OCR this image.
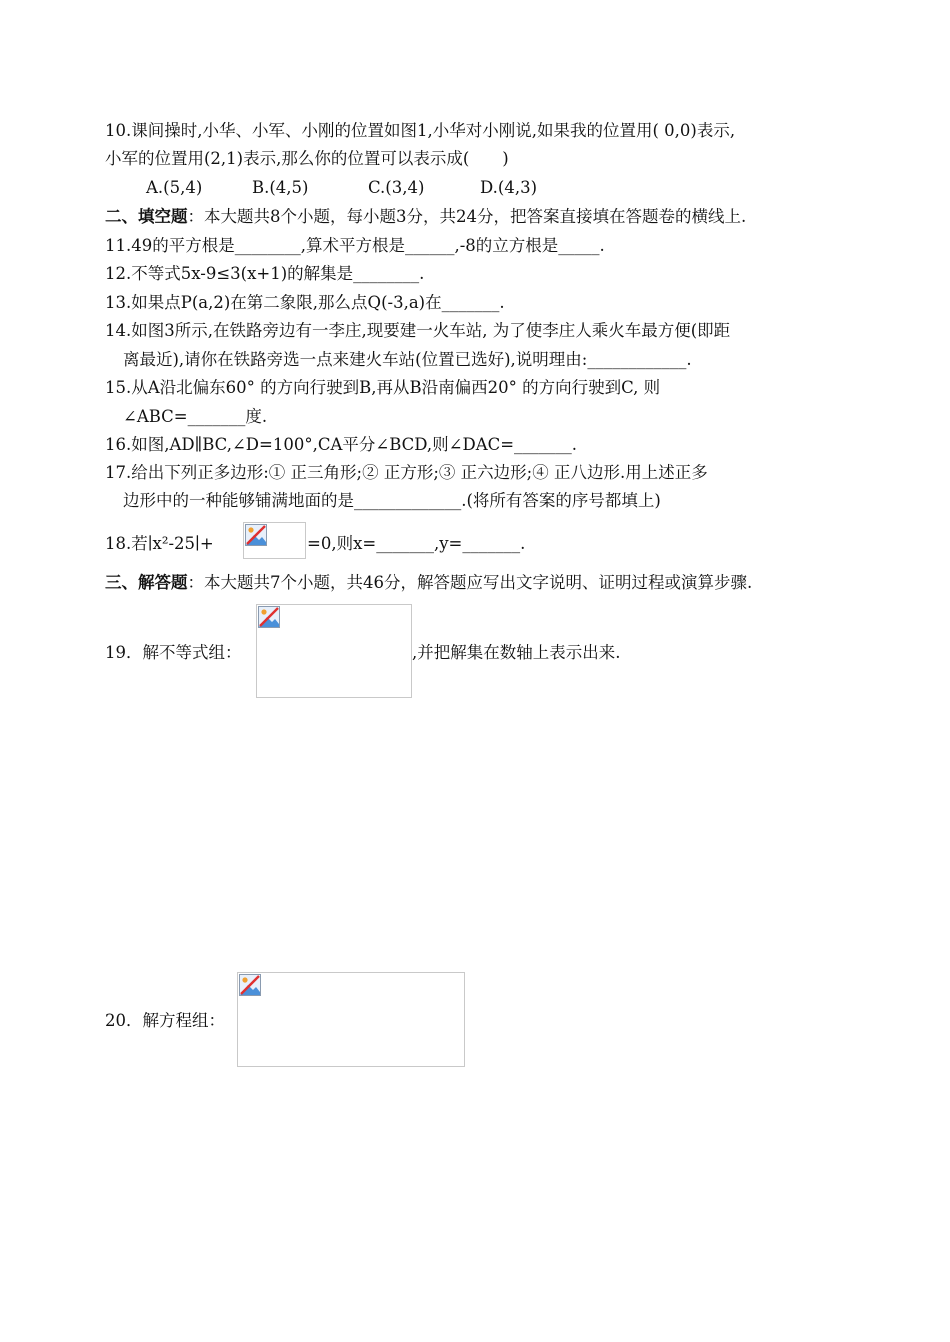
10.课间操时,小华、小军、小刚的位置如图1,小华对小刚说,如果我的位置用( 0,0)表示,
小军的位置用(2,1)表示,那么你的位置可以表示成(　　)
A.(5,4)	B.(4,5)	C.(3,4)	D.(4,3)
二、填空题：本大题共8个小题，每小题3分，共24分，把答案直接填在答题卷的横线上.
11.49的平方根是________,算术平方根是______,-8的立方根是_____.
12.不等式5x-9≤3(x+1)的解集是________.
13.如果点P(a,2)在第二象限,那么点Q(-3,a)在_______.
14.如图3所示,在铁路旁边有一李庄,现要建一火车站, 为了使李庄人乘火车最方便(即距
离最近),请你在铁路旁选一点来建火车站(位置已选好),说明理由:____________.
15.从A沿北偏东60° 的方向行驶到B,再从B沿南偏西20° 的方向行驶到C, 则
∠ABC=_______度.
16.如图,AD∥BC,∠D=100°,CA平分∠BCD,则∠DAC=_______.
17.给出下列正多边形:① 正三角形;② 正方形;③ 正六边形;④ 正八边形.用上述正多
边形中的一种能够铺满地面的是_____________.(将所有答案的序号都填上)
18.若∣x²-25∣+	=0,则x=_______,y=_______.
三、解答题：本大题共7个小题，共46分，解答题应写出文字说明、证明过程或演算步骤.
19．解不等式组：	,并把解集在数轴上表示出来.
20．解方程组：
